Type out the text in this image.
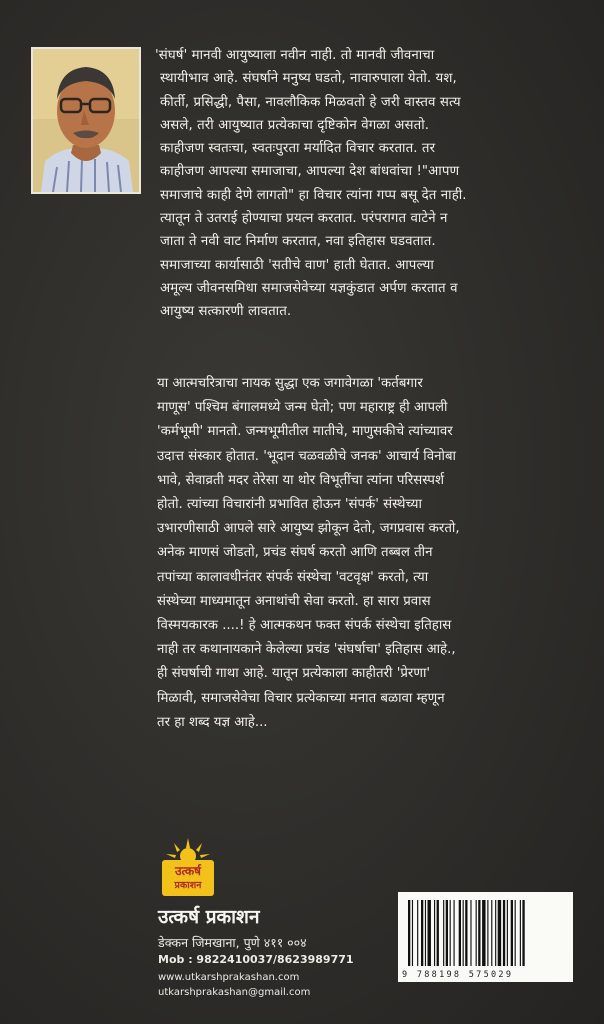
'संघर्ष' मानवी आयुष्याला नवीन नाही. तो मानवी जीवनाचा

स्थायीभाव आहे. संघर्षाने मनुष्य घडतो, नावारुपाला येतो. यश,

कीर्ती, प्रसिद्धी, पैसा, नावलौकिक मिळवतो हे जरी वास्तव सत्य

असले, तरी आयुष्यात प्रत्येकाचा दृष्टिकोन वेगळा असतो.

काहीजण स्वतःचा, स्वतःपुरता मर्यादित विचार करतात. तर

काहीजण आपल्या समाजाचा, आपल्या देश बांधवांचा !"आपण

समाजाचे काही देणे लागतो" हा विचार त्यांना गप्प बसू देत नाही.

त्यातून ते उतराई होण्याचा प्रयत्न करतात. परंपरागत वाटेने न

जाता ते नवी वाट निर्माण करतात, नवा इतिहास घडवतात.

समाजाच्या कार्यासाठी 'सतीचे वाण' हाती घेतात. आपल्या

अमूल्य जीवनसमिधा समाजसेवेच्या यज्ञकुंडात अर्पण करतात व

आयुष्य सत्कारणी लावतात.

या आत्मचरित्राचा नायक सुद्धा एक जगावेगळा 'कर्तबगार

माणूस' पश्चिम बंगालमध्ये जन्म घेतो; पण महाराष्ट्र ही आपली

'कर्मभूमी' मानतो. जन्मभूमीतील मातीचे, माणुसकीचे त्यांच्यावर

उदात्त संस्कार होतात. 'भूदान चळवळीचे जनक' आचार्य विनोबा

भावे, सेवाव्रती मदर तेरेसा या थोर विभूतींचा त्यांना परिसस्पर्श

होतो. त्यांच्या विचारांनी प्रभावित होऊन 'संपर्क' संस्थेच्या

उभारणीसाठी आपले सारे आयुष्य झोकून देतो, जगप्रवास करतो,

अनेक माणसं जोडतो, प्रचंड संघर्ष करतो आणि तब्बल तीन

तपांच्या कालावधीनंतर संपर्क संस्थेचा 'वटवृक्ष' करतो, त्या

संस्थेच्या माध्यमातून अनाथांची सेवा करतो. हा सारा प्रवास

विस्मयकारक ....! हे आत्मकथन फक्त संपर्क संस्थेचा इतिहास

नाही तर कथानायकाने केलेल्या प्रचंड 'संघर्षाचा' इतिहास आहे.,

ही संघर्षाची गाथा आहे. यातून प्रत्येकाला काहीतरी 'प्रेरणा'

मिळावी, समाजसेवेचा विचार प्रत्येकाच्या मनात बळावा म्हणून

तर हा शब्द यज्ञ आहे...

उत्कर्ष
प्रकाशन
उत्कर्ष प्रकाशन
डेक्कन जिमखाना, पुणे ४११ ००४
Mob : 9822410037/8623989771
www.utkarshprakashan.com
utkarshprakashan@gmail.com
9 788198 575029
